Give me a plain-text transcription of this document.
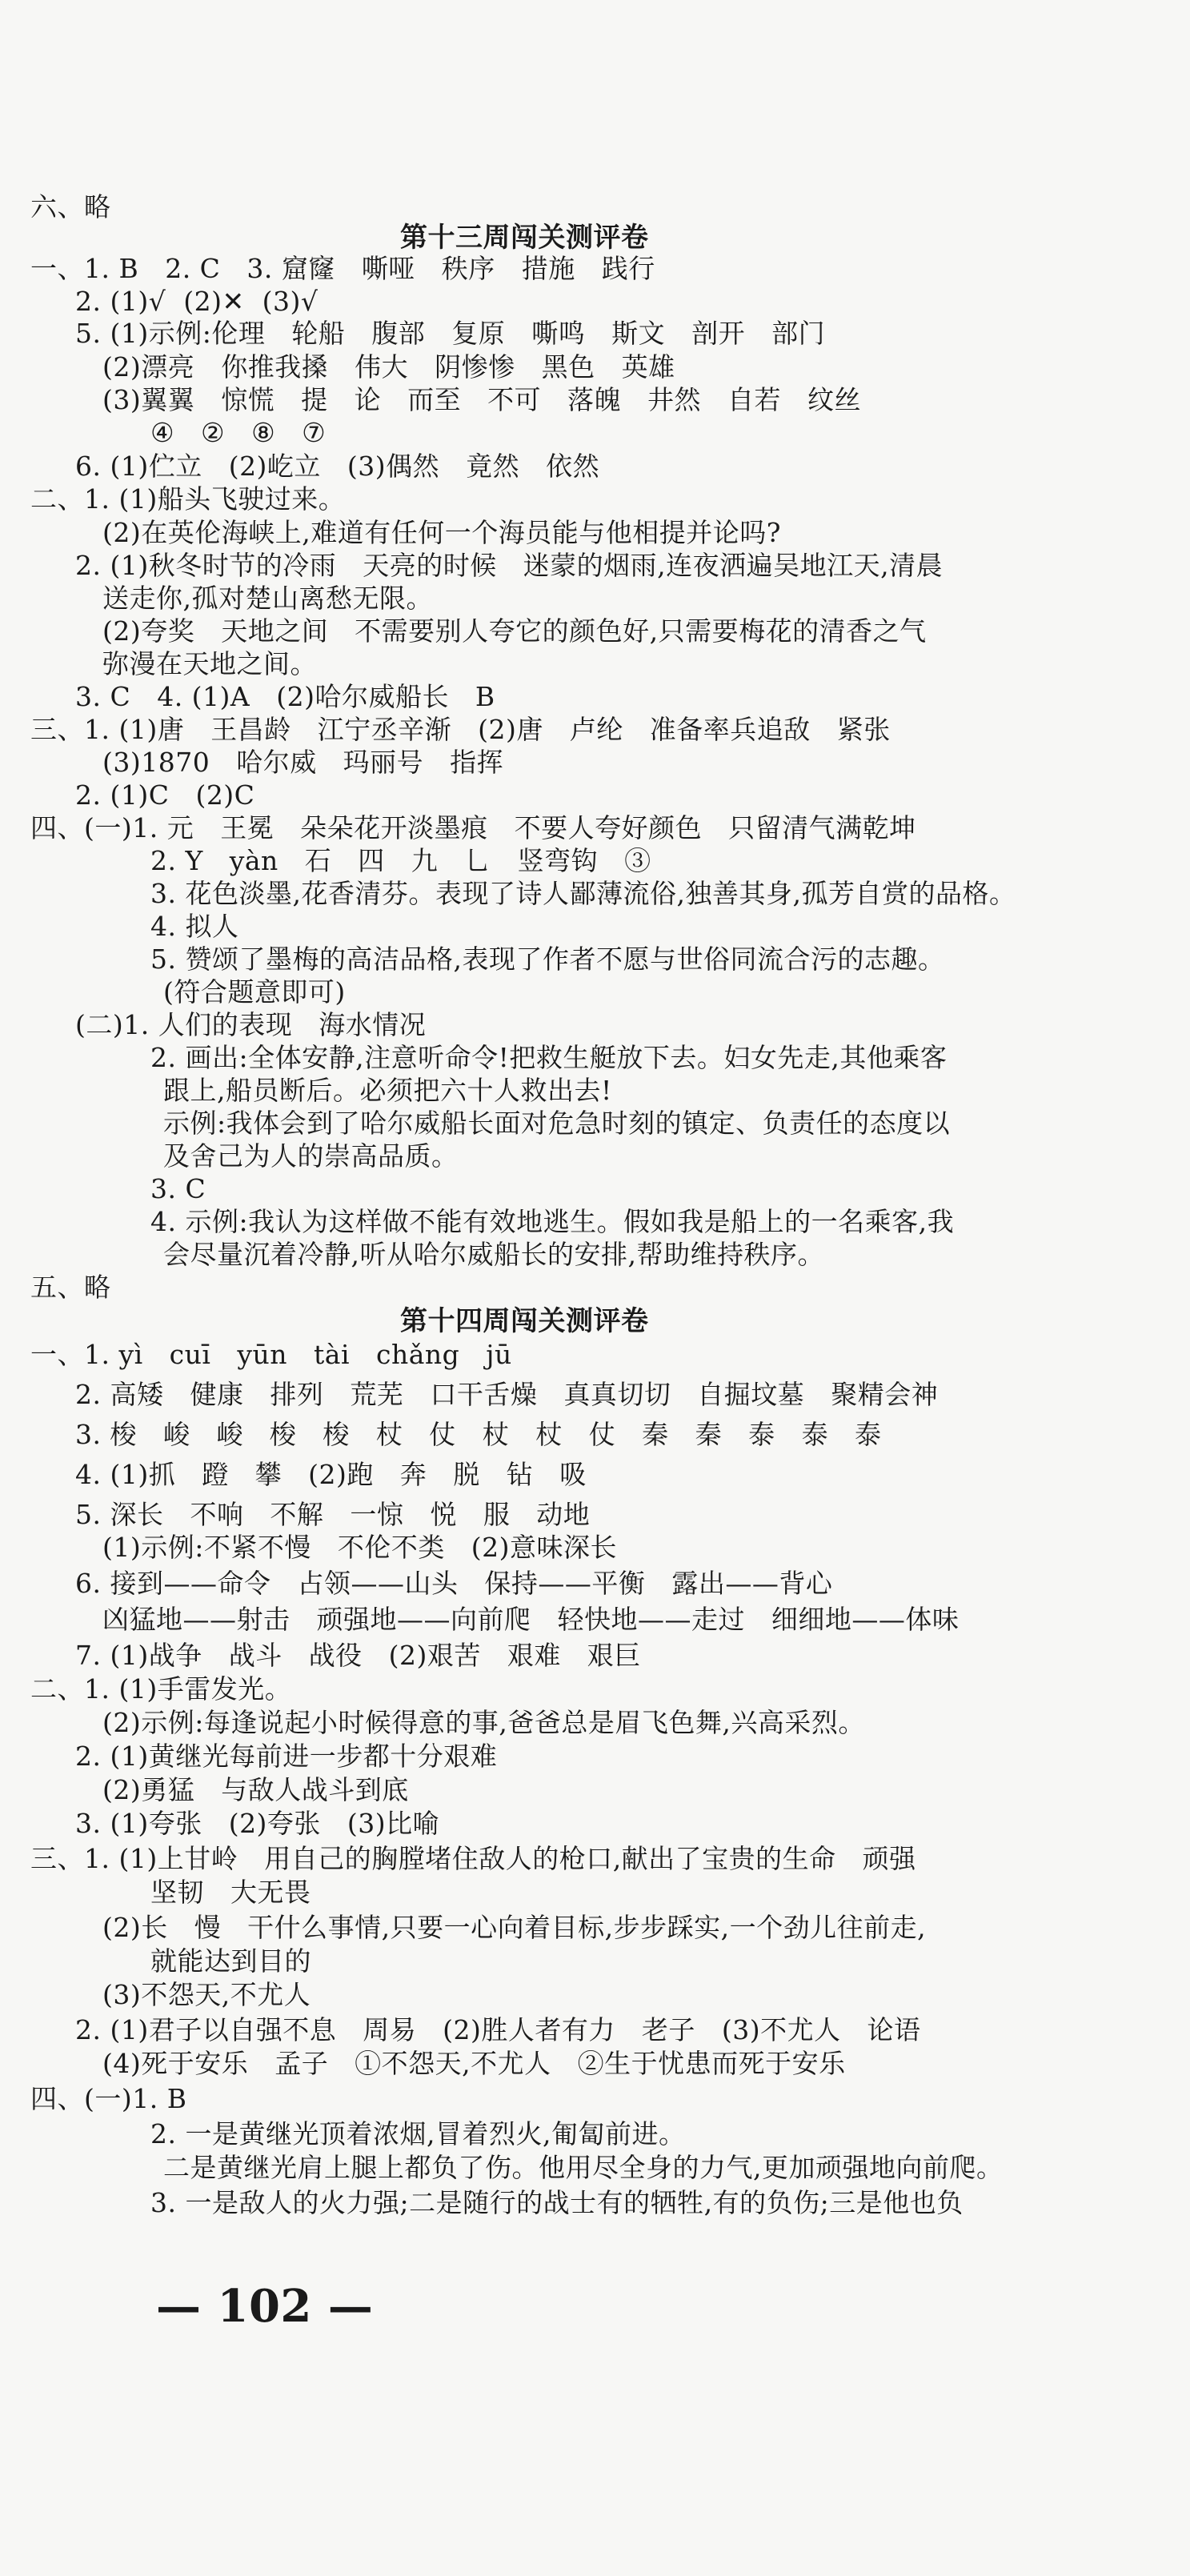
六、略
第十三周闯关测评卷
一、1. B   2. C   3. 窟窿   嘶哑   秩序   措施   践行
2. (1)√  (2)✕  (3)√
5. (1)示例:伦理   轮船   腹部   复原   嘶鸣   斯文   剖开   部门
(2)漂亮   你推我搡   伟大   阴惨惨   黑色   英雄
(3)翼翼   惊慌   提   论   而至   不可   落魄   井然   自若   纹丝
④   ②   ⑧   ⑦
6. (1)伫立   (2)屹立   (3)偶然   竟然   依然
二、1. (1)船头飞驶过来。
(2)在英伦海峡上,难道有任何一个海员能与他相提并论吗?
2. (1)秋冬时节的冷雨   天亮的时候   迷蒙的烟雨,连夜洒遍吴地江天,清晨
送走你,孤对楚山离愁无限。
(2)夸奖   天地之间   不需要别人夸它的颜色好,只需要梅花的清香之气
弥漫在天地之间。
3. C   4. (1)A   (2)哈尔威船长   B
三、1. (1)唐   王昌龄   江宁丞辛渐   (2)唐   卢纶   准备率兵追敌   紧张
(3)1870   哈尔威   玛丽号   指挥
2. (1)C   (2)C
四、(一)1. 元   王冕   朵朵花开淡墨痕   不要人夸好颜色   只留清气满乾坤
2. Y   yàn   石   四   九   乚   竖弯钩   ③
3. 花色淡墨,花香清芬。表现了诗人鄙薄流俗,独善其身,孤芳自赏的品格。
4. 拟人
5. 赞颂了墨梅的高洁品格,表现了作者不愿与世俗同流合污的志趣。
(符合题意即可)
(二)1. 人们的表现   海水情况
2. 画出:全体安静,注意听命令!把救生艇放下去。妇女先走,其他乘客
跟上,船员断后。必须把六十人救出去!
示例:我体会到了哈尔威船长面对危急时刻的镇定、负责任的态度以
及舍己为人的崇高品质。
3. C
4. 示例:我认为这样做不能有效地逃生。假如我是船上的一名乘客,我
会尽量沉着冷静,听从哈尔威船长的安排,帮助维持秩序。
五、略
第十四周闯关测评卷
一、1. yì   cuī   yūn   tài   chǎng   jū
2. 高矮   健康   排列   荒芜   口干舌燥   真真切切   自掘坟墓   聚精会神
3. 梭   峻   峻   梭   梭   杖   仗   杖   杖   仗   秦   秦   泰   泰   泰
4. (1)抓   蹬   攀   (2)跑   奔   脱   钻   吸
5. 深长   不响   不解   一惊   悦   服   动地
(1)示例:不紧不慢   不伦不类   (2)意味深长
6. 接到——命令   占领——山头   保持——平衡   露出——背心
凶猛地——射击   顽强地——向前爬   轻快地——走过   细细地——体味
7. (1)战争   战斗   战役   (2)艰苦   艰难   艰巨
二、1. (1)手雷发光。
(2)示例:每逢说起小时候得意的事,爸爸总是眉飞色舞,兴高采烈。
2. (1)黄继光每前进一步都十分艰难
(2)勇猛   与敌人战斗到底
3. (1)夸张   (2)夸张   (3)比喻
三、1. (1)上甘岭   用自己的胸膛堵住敌人的枪口,献出了宝贵的生命   顽强
坚韧   大无畏
(2)长   慢   干什么事情,只要一心向着目标,步步踩实,一个劲儿往前走,
就能达到目的
(3)不怨天,不尤人
2. (1)君子以自强不息   周易   (2)胜人者有力   老子   (3)不尤人   论语
(4)死于安乐   孟子   ①不怨天,不尤人   ②生于忧患而死于安乐
四、(一)1. B
2. 一是黄继光顶着浓烟,冒着烈火,匍匐前进。
二是黄继光肩上腿上都负了伤。他用尽全身的力气,更加顽强地向前爬。
3. 一是敌人的火力强;二是随行的战士有的牺牲,有的负伤;三是他也负
— 102 —
